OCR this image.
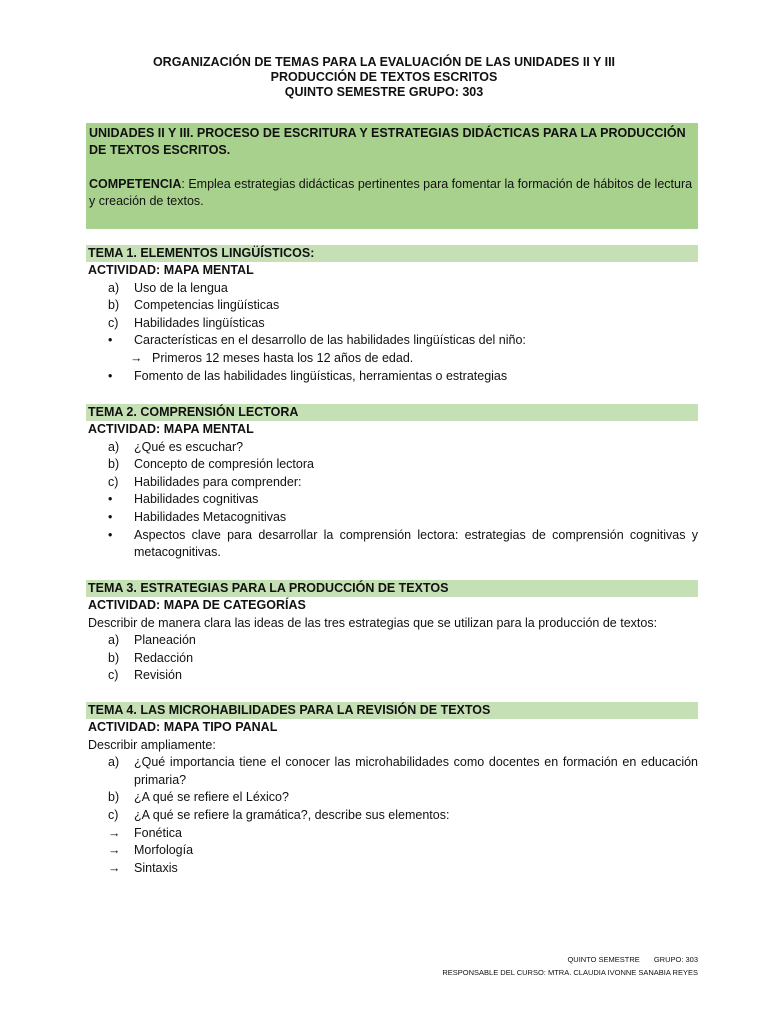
ORGANIZACIÓN DE TEMAS PARA LA EVALUACIÓN DE LAS UNIDADES II Y III
PRODUCCIÓN DE TEXTOS ESCRITOS
QUINTO SEMESTRE GRUPO: 303
UNIDADES II Y III. PROCESO DE ESCRITURA Y ESTRATEGIAS DIDÁCTICAS PARA LA PRODUCCIÓN DE TEXTOS ESCRITOS.
COMPETENCIA: Emplea estrategias didácticas pertinentes para fomentar la formación de hábitos de lectura y creación de textos.
TEMA 1. ELEMENTOS LINGÜÍSTICOS:
ACTIVIDAD: MAPA MENTAL
a)	Uso de la lengua
b)	Competencias lingüísticas
c)	Habilidades lingüísticas
•	Características en el desarrollo de las habilidades lingüísticas del niño:
→ Primeros 12 meses hasta los 12 años de edad.
•	Fomento de las habilidades lingüísticas, herramientas o estrategias
TEMA 2. COMPRENSIÓN LECTORA
ACTIVIDAD: MAPA MENTAL
a)	¿Qué es escuchar?
b)	Concepto de compresión lectora
c)	Habilidades para comprender:
•	Habilidades cognitivas
•	Habilidades Metacognitivas
•	Aspectos clave para desarrollar la comprensión lectora: estrategias de comprensión cognitivas y metacognitivas.
TEMA 3. ESTRATEGIAS PARA LA PRODUCCIÓN DE TEXTOS
ACTIVIDAD: MAPA DE CATEGORÍAS
Describir de manera clara las ideas de las tres estrategias que se utilizan para la producción de textos:
a)	Planeación
b)	Redacción
c)	Revisión
TEMA 4. LAS MICROHABILIDADES PARA LA REVISIÓN DE TEXTOS
ACTIVIDAD: MAPA TIPO PANAL
Describir ampliamente:
a)	¿Qué importancia tiene el conocer las microhabilidades como docentes en formación en educación primaria?
b)	¿A qué se refiere el Léxico?
c)	¿A qué se refiere la gramática?, describe sus elementos:
→	Fonética
→	Morfología
→	Sintaxis
QUINTO SEMESTRE GRUPO: 303
RESPONSABLE DEL CURSO: MTRA. CLAUDIA IVONNE SANABIA REYES
